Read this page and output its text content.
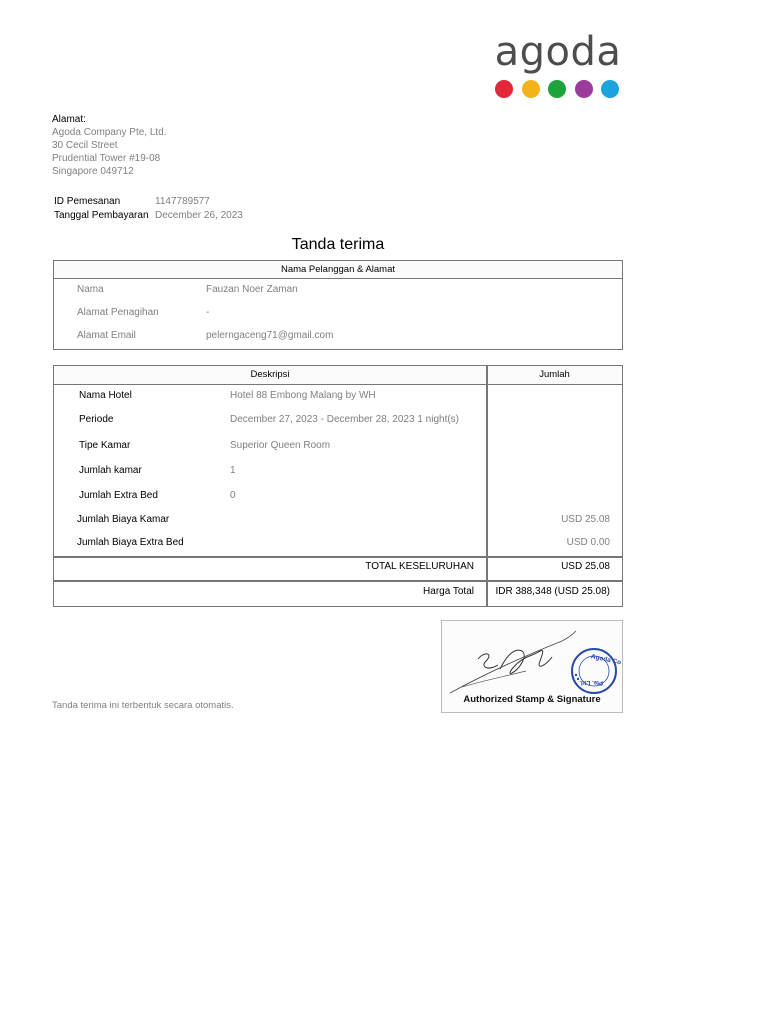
agoda
Alamat:
Agoda Company Pte, Ltd.
30 Cecil Street
Prudential Tower #19-08
Singapore 049712
ID Pemesanan	1147789577
Tanggal Pembayaran December 26, 2023
Tanda terima
Nama Pelanggan & Alamat
Nama	Fauzan Noer Zaman
Alamat Penagihan	-
Alamat Email	pelerngaceng71@gmail.com
Deskripsi	Jumlah
Nama Hotel	Hotel 88 Embong Malang by WH
Periode	December 27, 2023 - December 28, 2023 1 night(s)
Tipe Kamar	Superior Queen Room
Jumlah kamar	1
Jumlah Extra Bed	0
Jumlah Biaya Kamar	USD 25.08
Jumlah Biaya Extra Bed	USD 0.00
TOTAL KESELURUHAN	USD 25.08
Harga Total IDR 388,348 (USD 25.08)
Agoda Co
Pte. Ltd.
Authorized Stamp & Signature
Tanda terima ini terbentuk secara otomatis.
